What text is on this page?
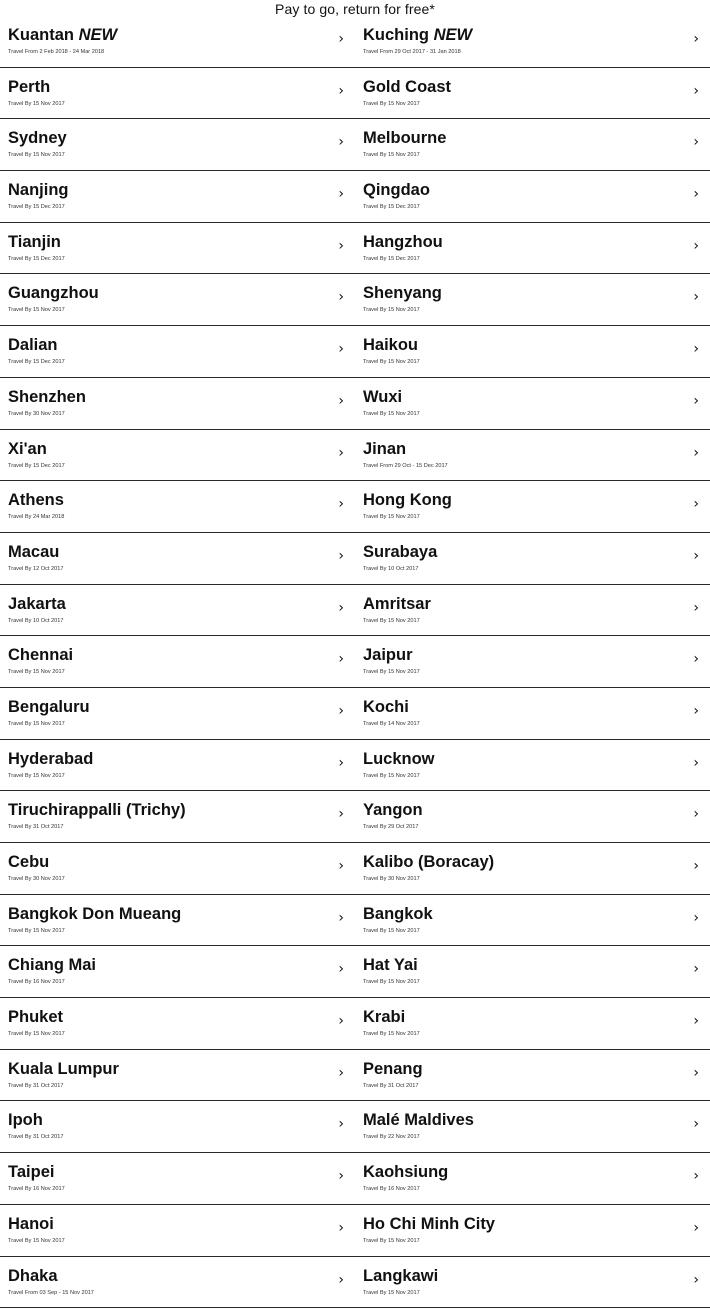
Pay to go, return for free*
Kuantan NEW
Travel From 2 Feb 2018 - 24 Mar 2018
› Kuching NEW
Travel From 29 Oct 2017 - 31 Jan 2018
›
Perth
Travel By 15 Nov 2017
› Gold Coast
Travel By 15 Nov 2017
›
Sydney
Travel By 15 Nov 2017
› Melbourne
Travel By 15 Nov 2017
›
Nanjing
Travel By 15 Dec 2017
› Qingdao
Travel By 15 Dec 2017
›
Tianjin
Travel By 15 Dec 2017
› Hangzhou
Travel By 15 Dec 2017
›
Guangzhou
Travel By 15 Nov 2017
› Shenyang
Travel By 15 Nov 2017
›
Dalian
Travel By 15 Dec 2017
› Haikou
Travel By 15 Nov 2017
›
Shenzhen
Travel By 30 Nov 2017
› Wuxi
Travel By 15 Nov 2017
›
Xi'an
Travel By 15 Dec 2017
› Jinan
Travel From 29 Oct - 15 Dec 2017
›
Athens
Travel By 24 Mar 2018
› Hong Kong
Travel By 15 Nov 2017
›
Macau
Travel By 12 Oct 2017
› Surabaya
Travel By 10 Oct 2017
›
Jakarta
Travel By 10 Oct 2017
› Amritsar
Travel By 15 Nov 2017
›
Chennai
Travel By 15 Nov 2017
› Jaipur
Travel By 15 Nov 2017
›
Bengaluru
Travel By 15 Nov 2017
› Kochi
Travel By 14 Nov 2017
›
Hyderabad
Travel By 15 Nov 2017
› Lucknow
Travel By 15 Nov 2017
›
Tiruchirappalli (Trichy)
Travel By 31 Oct 2017
› Yangon
Travel By 29 Oct 2017
›
Cebu
Travel By 30 Nov 2017
› Kalibo (Boracay)
Travel By 30 Nov 2017
›
Bangkok Don Mueang
Travel By 15 Nov 2017
› Bangkok
Travel By 15 Nov 2017
›
Chiang Mai
Travel By 16 Nov 2017
› Hat Yai
Travel By 15 Nov 2017
›
Phuket
Travel By 15 Nov 2017
› Krabi
Travel By 15 Nov 2017
›
Kuala Lumpur
Travel By 31 Oct 2017
› Penang
Travel By 31 Oct 2017
›
Ipoh
Travel By 31 Oct 2017
› Malé Maldives
Travel By 22 Nov 2017
›
Taipei
Travel By 16 Nov 2017
› Kaohsiung
Travel By 16 Nov 2017
›
Hanoi
Travel By 15 Nov 2017
› Ho Chi Minh City
Travel By 15 Nov 2017
›
Dhaka
Travel From 03 Sep - 15 Nov 2017
› Langkawi
Travel By 15 Nov 2017
›
